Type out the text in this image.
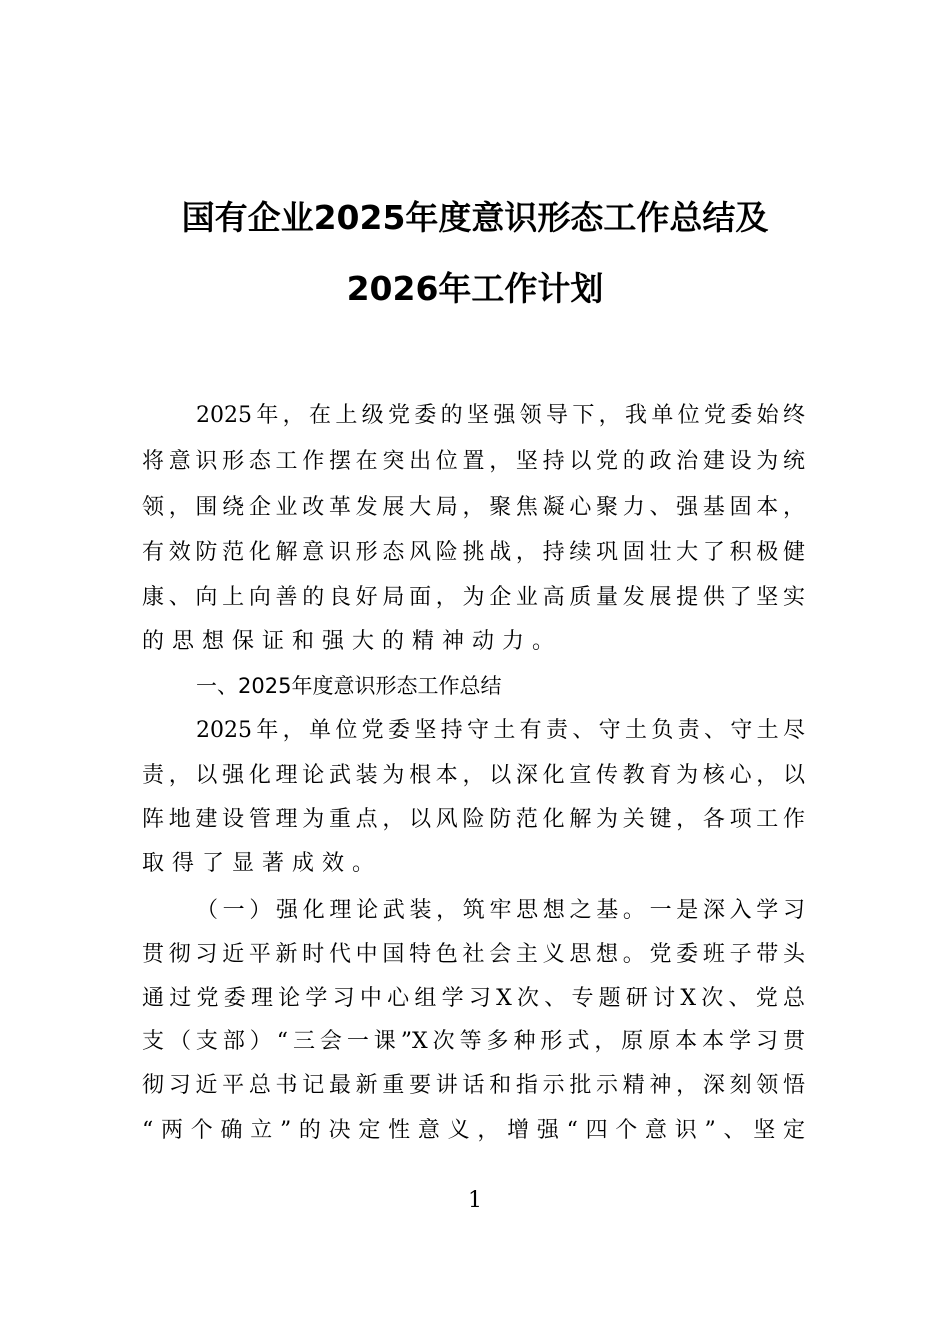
国有企业2025年度意识形态工作总结及
2026年工作计划
2025年，在上级党委的坚强领导下，我单位党委始终
将意识形态工作摆在突出位置，坚持以党的政治建设为统
领，围绕企业改革发展大局，聚焦凝心聚力、强基固本，
有效防范化解意识形态风险挑战，持续巩固壮大了积极健
康、向上向善的良好局面，为企业高质量发展提供了坚实
的思想保证和强大的精神动力。
一、2025年度意识形态工作总结
2025年，单位党委坚持守土有责、守土负责、守土尽
责，以强化理论武装为根本，以深化宣传教育为核心，以
阵地建设管理为重点，以风险防范化解为关键，各项工作
取得了显著成效。
（一）强化理论武装，筑牢思想之基。一是深入学习
贯彻习近平新时代中国特色社会主义思想。党委班子带头
通过党委理论学习中心组学习X次、专题研讨X次、党总
支（支部）“三会一课”X次等多种形式，原原本本学习贯
彻习近平总书记最新重要讲话和指示批示精神，深刻领悟
“两个确立”的决定性意义，增强“四个意识”、坚定
1
